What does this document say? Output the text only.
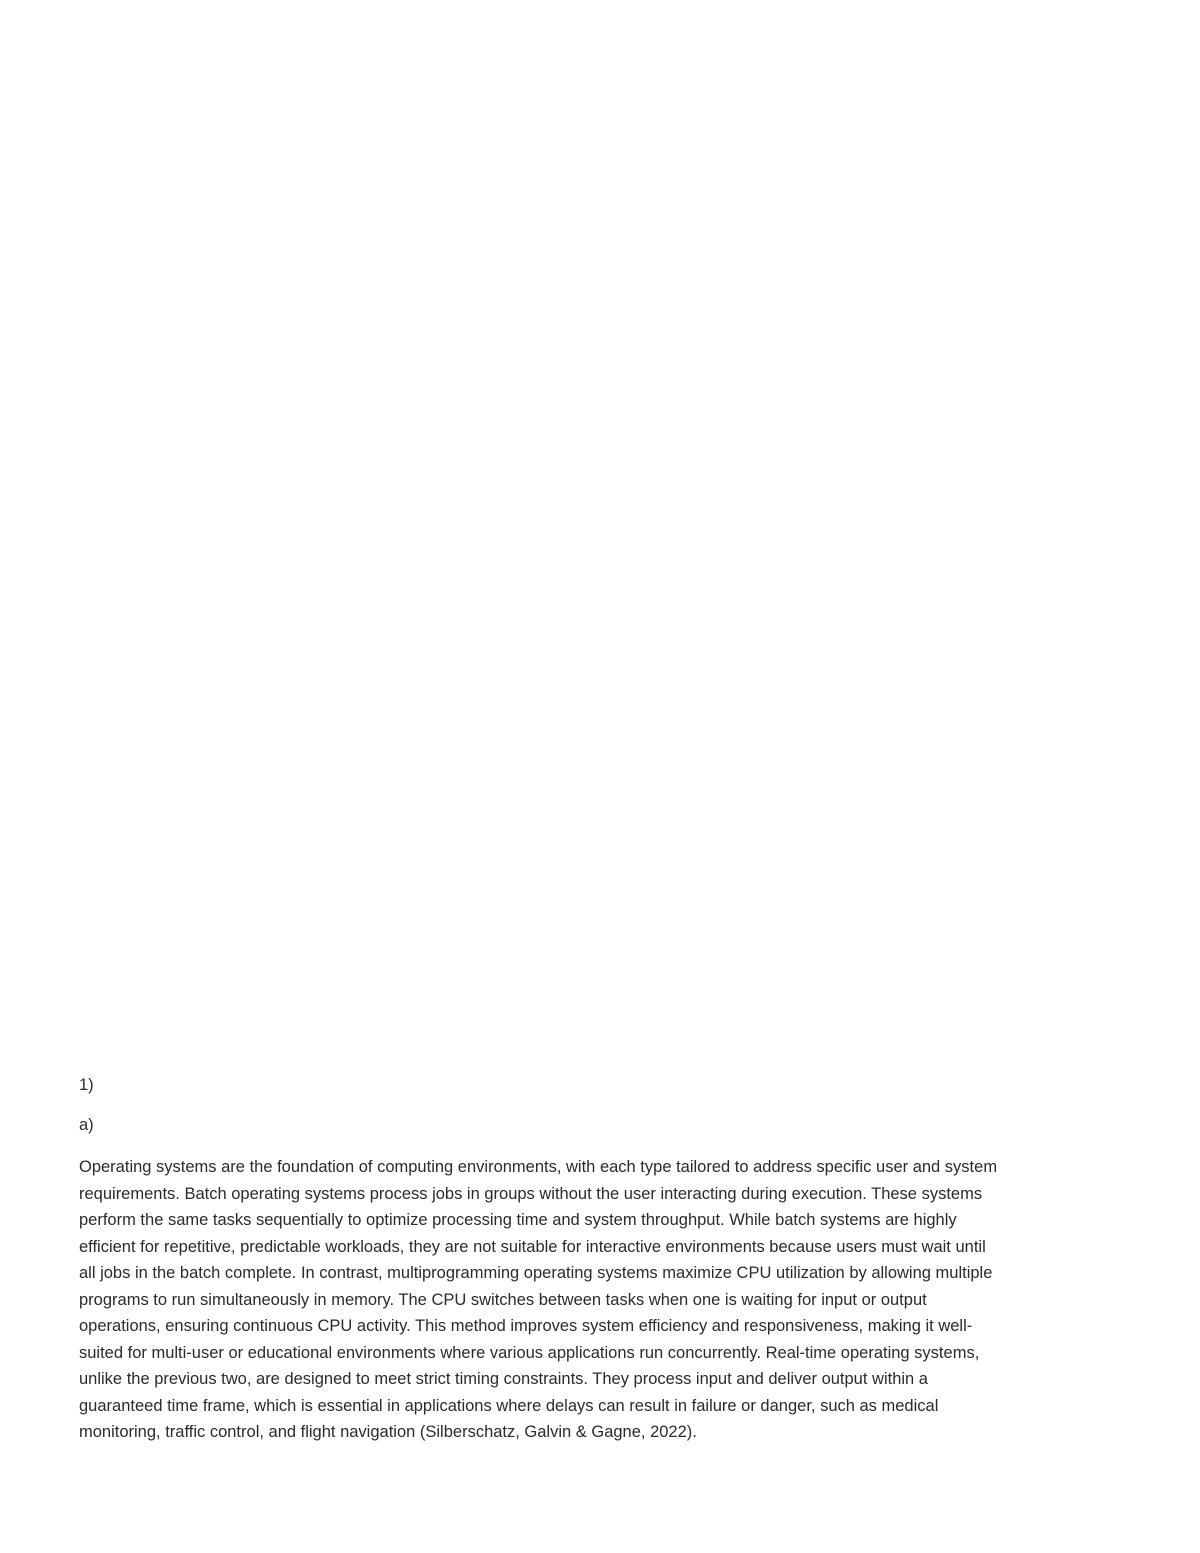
1)
a)
Operating systems are the foundation of computing environments, with each type tailored to address specific user and system
requirements. Batch operating systems process jobs in groups without the user interacting during execution. These systems
perform the same tasks sequentially to optimize processing time and system throughput. While batch systems are highly
efficient for repetitive, predictable workloads, they are not suitable for interactive environments because users must wait until
all jobs in the batch complete. In contrast, multiprogramming operating systems maximize CPU utilization by allowing multiple
programs to run simultaneously in memory. The CPU switches between tasks when one is waiting for input or output
operations, ensuring continuous CPU activity. This method improves system efficiency and responsiveness, making it well-
suited for multi-user or educational environments where various applications run concurrently. Real-time operating systems,
unlike the previous two, are designed to meet strict timing constraints. They process input and deliver output within a
guaranteed time frame, which is essential in applications where delays can result in failure or danger, such as medical
monitoring, traffic control, and flight navigation (Silberschatz, Galvin & Gagne, 2022).
